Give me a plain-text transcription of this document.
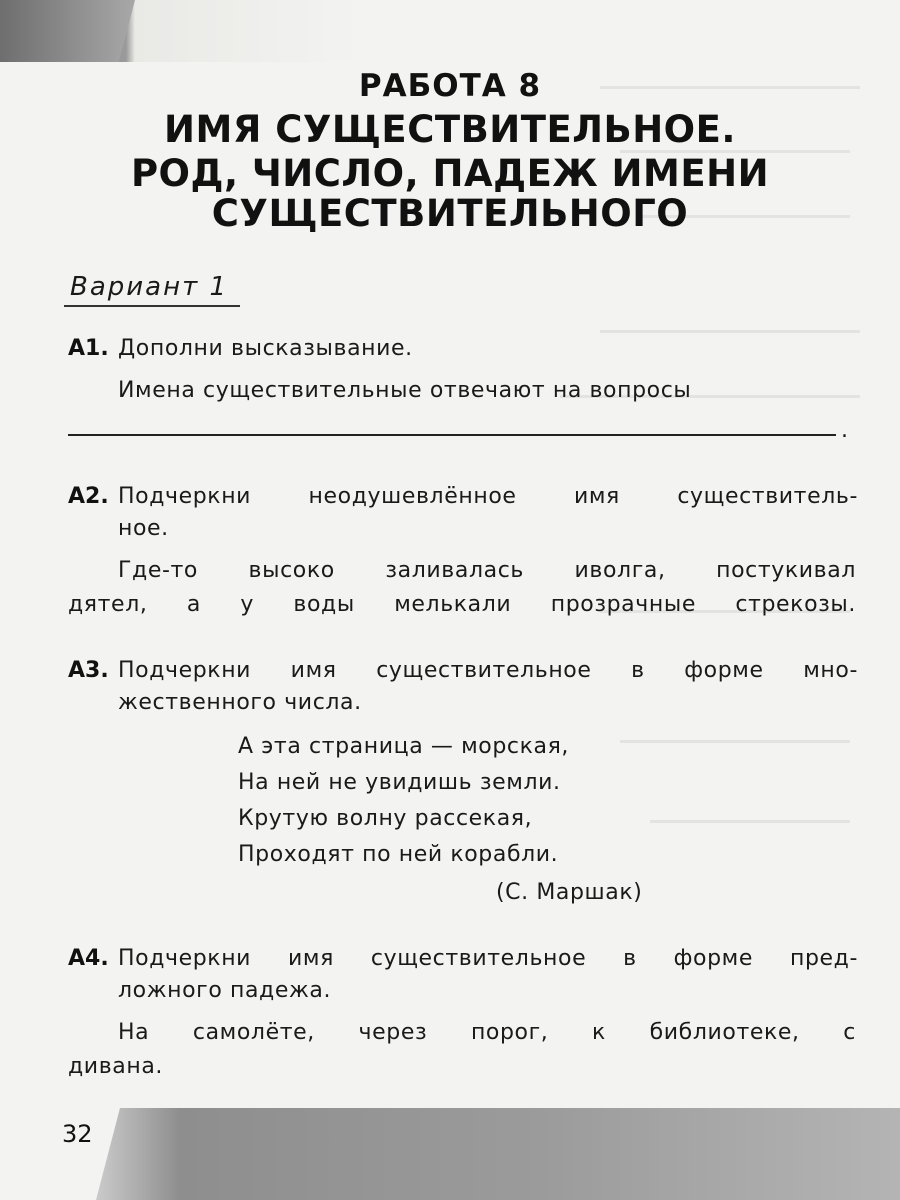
РАБОТА 8
ИМЯ СУЩЕСТВИТЕЛЬНОЕ.
РОД, ЧИСЛО, ПАДЕЖ ИМЕНИ
СУЩЕСТВИТЕЛЬНОГО
Вариант 1
А1. Дополни высказывание.
Имена существительные отвечают на вопросы
.
А2. Подчеркни неодушевлённое имя существитель-
ное.
Где-то высоко заливалась иволга, постукивал
дятел, а у воды мелькали прозрачные стрекозы.
А3. Подчеркни имя существительное в форме мно-
жественного числа.
А эта страница — морская,
На ней не увидишь земли.
Крутую волну рассекая,
Проходят по ней корабли.
(С. Маршак)
А4. Подчеркни имя существительное в форме пред-
ложного падежа.
На самолёте, через порог, к библиотеке, с
дивана.
32
